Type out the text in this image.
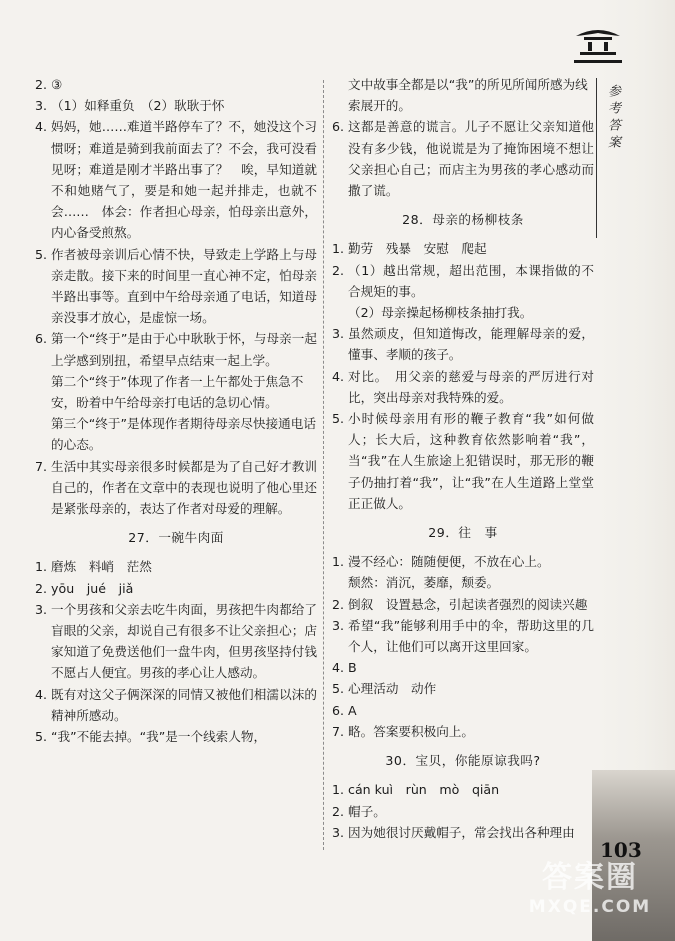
参考答案
2. ③
3. （1）如释重负　（2）耿耿于怀
4. 妈妈，她……难道半路停车了？不，她没这个习惯呀；难道是骑到我前面去了？不会，我可没看见呀；难道是刚才半路出事了？　唉，早知道就不和她赌气了，要是和她一起并排走，也就不会……　体会：作者担心母亲，怕母亲出意外，内心备受煎熬。
5. 作者被母亲训后心情不快，导致走上学路上与母亲走散。接下来的时间里一直心神不定，怕母亲半路出事等。直到中午给母亲通了电话，知道母亲没事才放心，是虚惊一场。
6. 第一个“终于”是由于心中耿耿于怀，与母亲一起上学感到别扭，希望早点结束一起上学。
第二个“终于”体现了作者一上午都处于焦急不安，盼着中午给母亲打电话的急切心情。
第三个“终于”是体现作者期待母亲尽快接通电话的心态。
7. 生活中其实母亲很多时候都是为了自己好才教训自己的，作者在文章中的表现也说明了他心里还是紧张母亲的，表达了作者对母爱的理解。
27．一碗牛肉面
1. 磨炼　料峭　茫然
2. yōu　jué　jiǎ
3. 一个男孩和父亲去吃牛肉面，男孩把牛肉都给了盲眼的父亲，却说自己有很多不让父亲担心；店家知道了免费送他们一盘牛肉，但男孩坚持付钱不愿占人便宜。男孩的孝心让人感动。
4. 既有对这父子俩深深的同情又被他们相濡以沫的精神所感动。
5. “我”不能去掉。“我”是一个线索人物，
文中故事全都是以“我”的所见所闻所感为线索展开的。
6. 这都是善意的谎言。儿子不愿让父亲知道他没有多少钱，他说谎是为了掩饰困境不想让父亲担心自己；而店主为男孩的孝心感动而撒了谎。
28．母亲的杨柳枝条
1. 勤劳　残暴　安慰　爬起
2. （1）越出常规，超出范围，本课指做的不合规矩的事。
（2）母亲操起杨柳枝条抽打我。
3. 虽然顽皮，但知道悔改，能理解母亲的爱，懂事、孝顺的孩子。
4. 对比。　用父亲的慈爱与母亲的严厉进行对比，突出母亲对我特殊的爱。
5. 小时候母亲用有形的鞭子教育“我”如何做人；长大后，这种教育依然影响着“我”，当“我”在人生旅途上犯错误时，那无形的鞭子仍抽打着“我”，让“我”在人生道路上堂堂正正做人。
29．往　事
1. 漫不经心：随随便便，不放在心上。
颓然：消沉，萎靡，颓委。
2. 倒叙　设置悬念，引起读者强烈的阅读兴趣
3. 希望“我”能够利用手中的伞，帮助这里的几个人，让他们可以离开这里回家。
4. B
5. 心理活动　动作
6. A
7. 略。答案要积极向上。
30．宝贝，你能原谅我吗?
1. cán kuì　rùn　mò　qiān
2. 帽子。
3. 因为她很讨厌戴帽子，常会找出各种理由
103
答案圈
MXQE.COM
